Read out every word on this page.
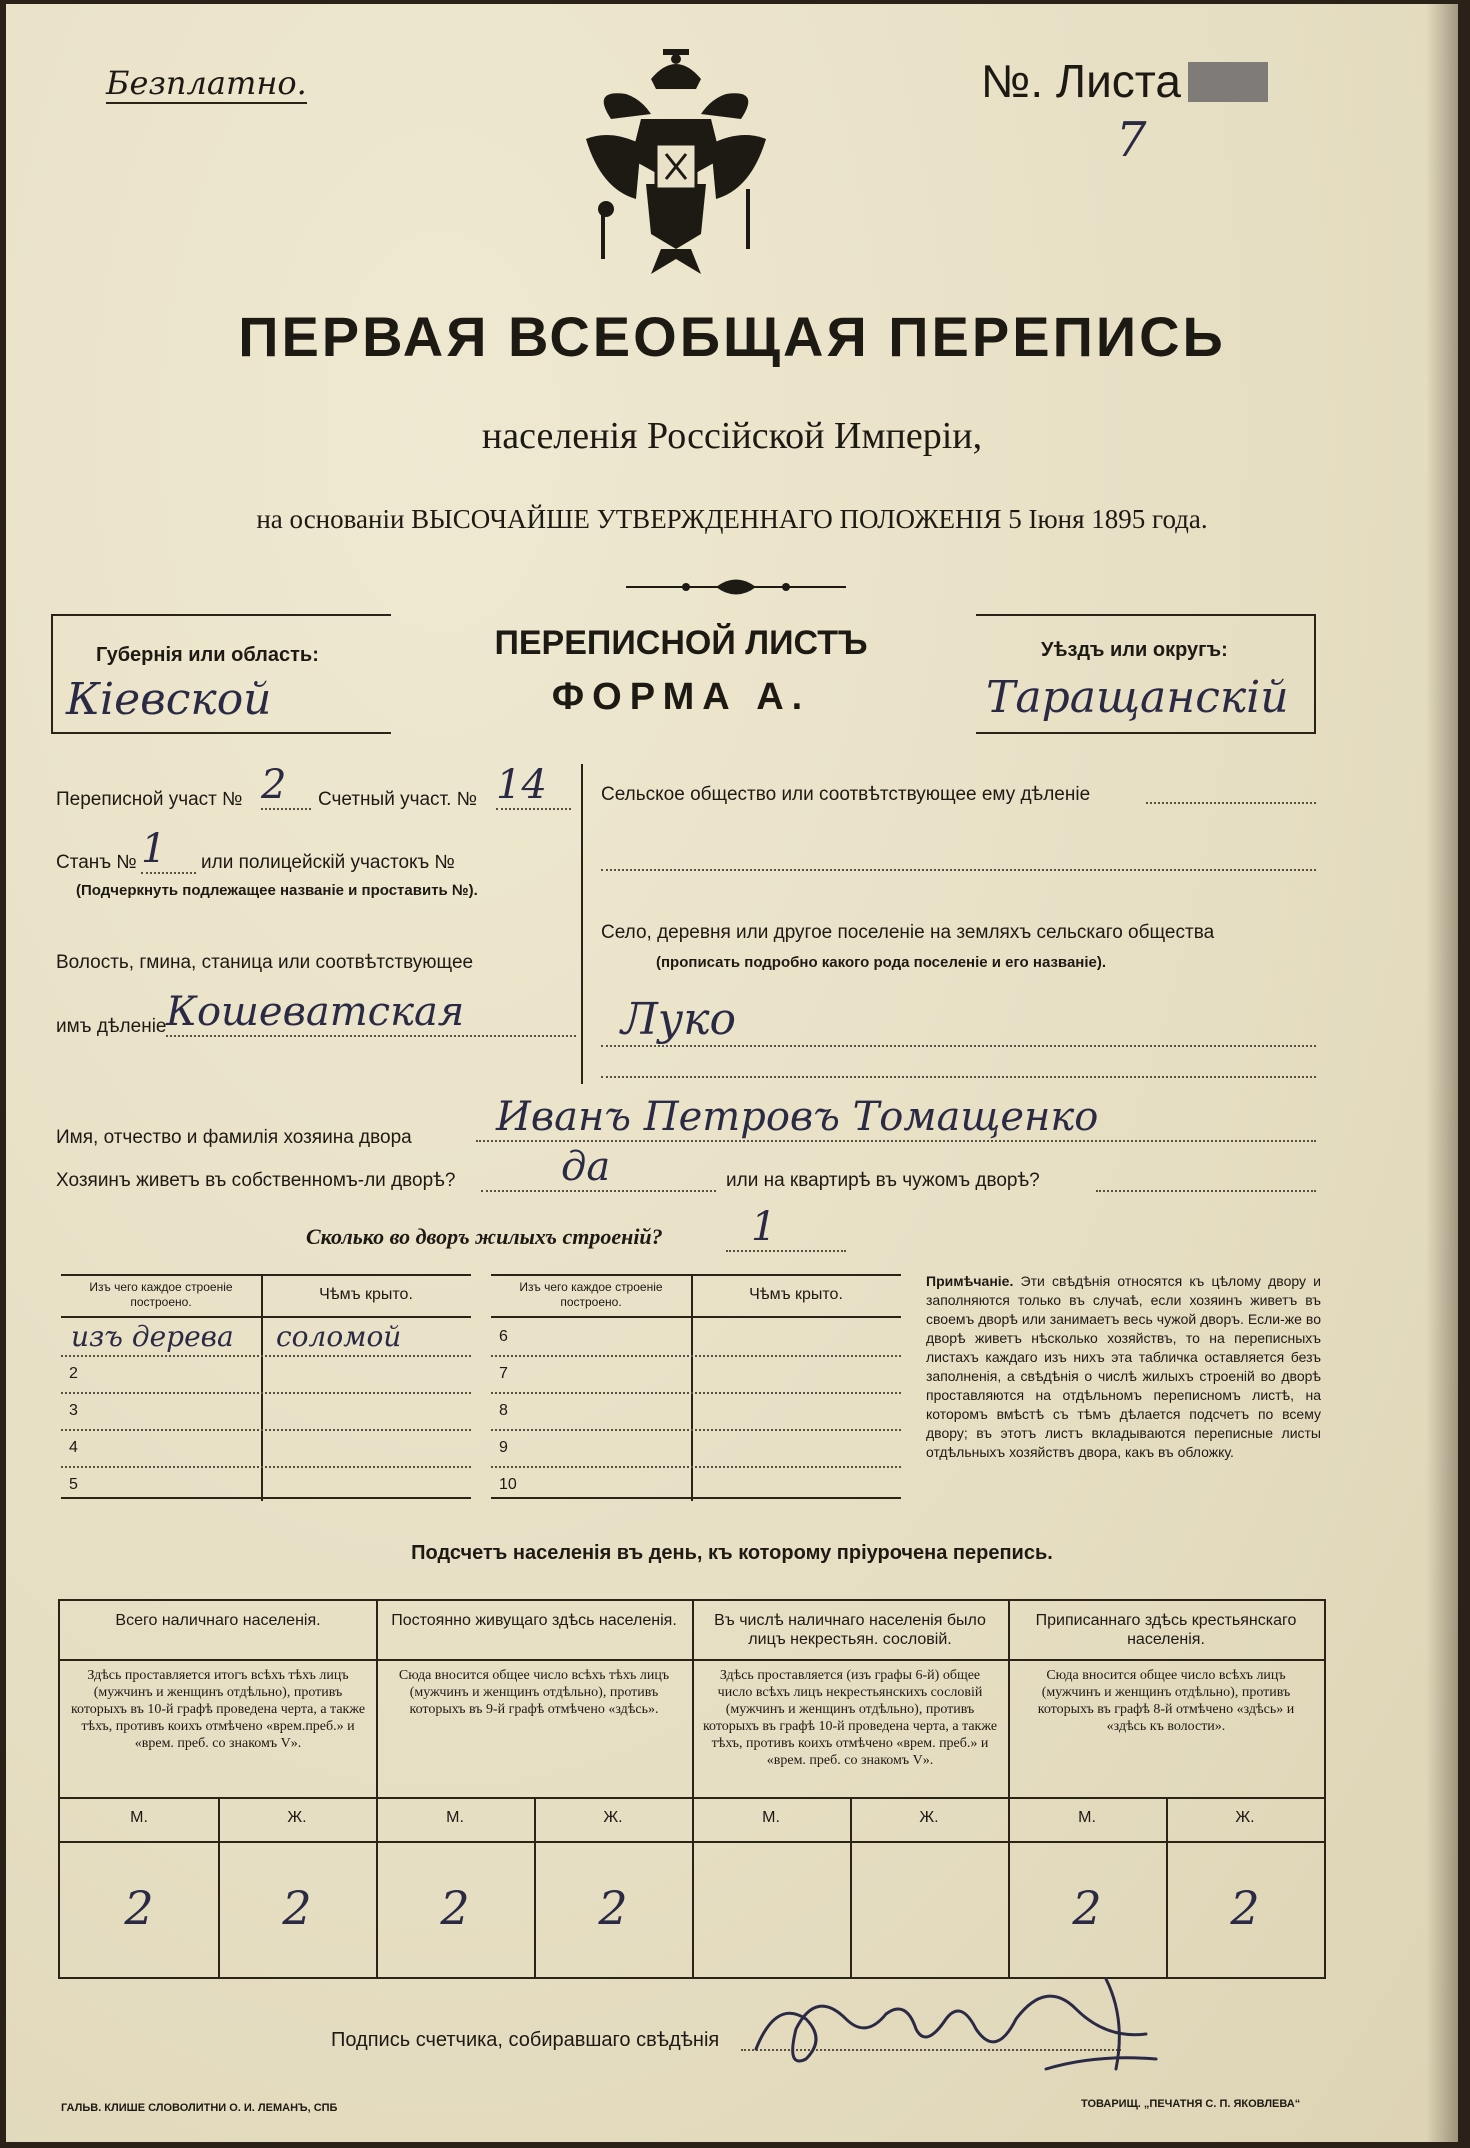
Безплатно.	№. Листа
7
ПЕРВАЯ ВСЕОБЩАЯ ПЕРЕПИСЬ
населенія Россійской Имперіи,
на основаніи ВЫСОЧАЙШЕ УТВЕРЖДЕННАГО ПОЛОЖЕНІЯ 5 Іюня 1895 года.
Губернія или область:
Кіевской
ПЕРЕПИСНОЙ ЛИСТЪ
ФОРМА А.
Уѣздъ или округъ:
Таращанскій
Переписной участ № 2	Счетный участ. № 14
Станъ № 1	или полицейскій участокъ №
(Подчеркнуть подлежащее названіе и проставить №).
Волость, гмина, станица или соотвѣтствующее
имъ дѣленіе Кошеватская
Сельское общество или соотвѣтствующее ему дѣленіе
Село, деревня или другое поселеніе на земляхъ сельскаго общества
(прописать подробно какого рода поселеніе и его названіе).
Луко
Имя, отчество и фамилія хозяина двора	Иванъ Петровъ Томащенко
Хозяинъ живетъ въ собственномъ-ли дворѣ?	да	или на квартирѣ въ чужомъ дворѣ?
Сколько во дворъ жилыхъ строеній?	1
Изъ чего каждое строеніе построено.	Чѣмъ крыто.
изъ дерева соломой
2
3
4
5
Изъ чего каждое строеніе построено.	Чѣмъ крыто.
6
7
8
9
10
Примѣчаніе. Эти свѣдѣнія относятся къ цѣлому двору и заполняются только въ случаѣ, если хозяинъ живетъ въ своемъ дворѣ или занимаетъ весь чужой дворъ. Если-же во дворѣ живетъ нѣсколько хозяйствъ, то на переписныхъ листахъ каждаго изъ нихъ эта табличка оставляется безъ заполненія, а свѣдѣнія о числѣ жилыхъ строеній во дворѣ проставляются на отдѣльномъ переписномъ листѣ, на которомъ вмѣстѣ съ тѣмъ дѣлается подсчетъ по всему двору; въ этотъ листъ вкладываются переписные листы отдѣльныхъ хозяйствъ двора, какъ въ обложку.
Подсчетъ населенія въ день, къ которому пріурочена перепись.
Всего наличнаго населенія.
Здѣсь проставляется итогъ всѣхъ тѣхъ лицъ (мужчинъ и женщинъ отдѣльно), противъ которыхъ въ 10-й графѣ проведена черта, а также тѣхъ, противъ коихъ отмѣчено «врем.преб.» и «врем. преб. со знакомъ V».
М.	Ж.
2	2
Постоянно живущаго здѣсь населенія.
Сюда вносится общее число всѣхъ тѣхъ лицъ (мужчинъ и женщинъ отдѣльно), противъ которыхъ въ 9-й графѣ отмѣчено «здѣсь».
М.	Ж.
2	2
Въ числѣ наличнаго населенія было лицъ некрестьян. сословій.
Здѣсь проставляется (изъ графы 6-й) общее число всѣхъ лицъ некрестьянскихъ сословій (мужчинъ и женщинъ отдѣльно), противъ которыхъ въ графѣ 10-й проведена черта, а также тѣхъ, противъ коихъ отмѣчено «врем. преб.» и «врем. преб. со знакомъ V».
М.	Ж.
Приписаннаго здѣсь крестьянскаго населенія.
Сюда вносится общее число всѣхъ лицъ (мужчинъ и женщинъ отдѣльно), противъ которыхъ въ графѣ 8-й отмѣчено «здѣсь» и «здѣсь къ волости».
М.	Ж.
2	2
Подпись счетчика, собиравшаго свѣдѣнія
ГАЛЬВ. КЛИШЕ СЛОВОЛИТНИ О. И. ЛЕМАНЪ, СПБ	ТОВАРИЩ. „ПЕЧАТНЯ С. П. ЯКОВЛЕВА“
